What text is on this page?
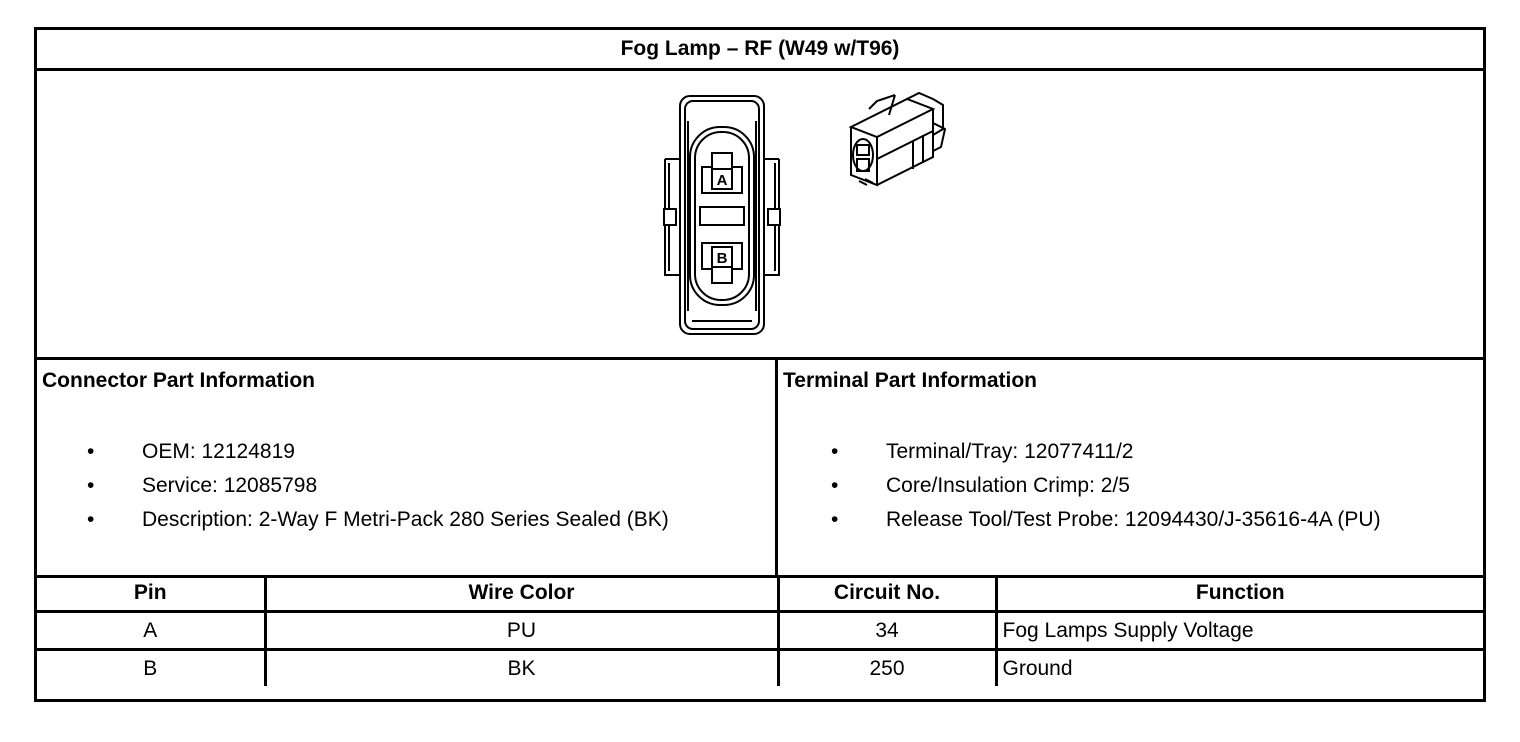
Fog Lamp – RF (W49 w/T96)
A
B
Connector Part Information
• OEM: 12124819
• Service: 12085798
• Description: 2-Way F Metri-Pack 280 Series Sealed (BK)
Terminal Part Information
• Terminal/Tray: 12077411/2
• Core/Insulation Crimp: 2/5
• Release Tool/Test Probe: 12094430/J-35616-4A (PU)
Pin	Wire Color	Circuit No.	Function
A	PU	34	Fog Lamps Supply Voltage
B	BK	250	Ground
